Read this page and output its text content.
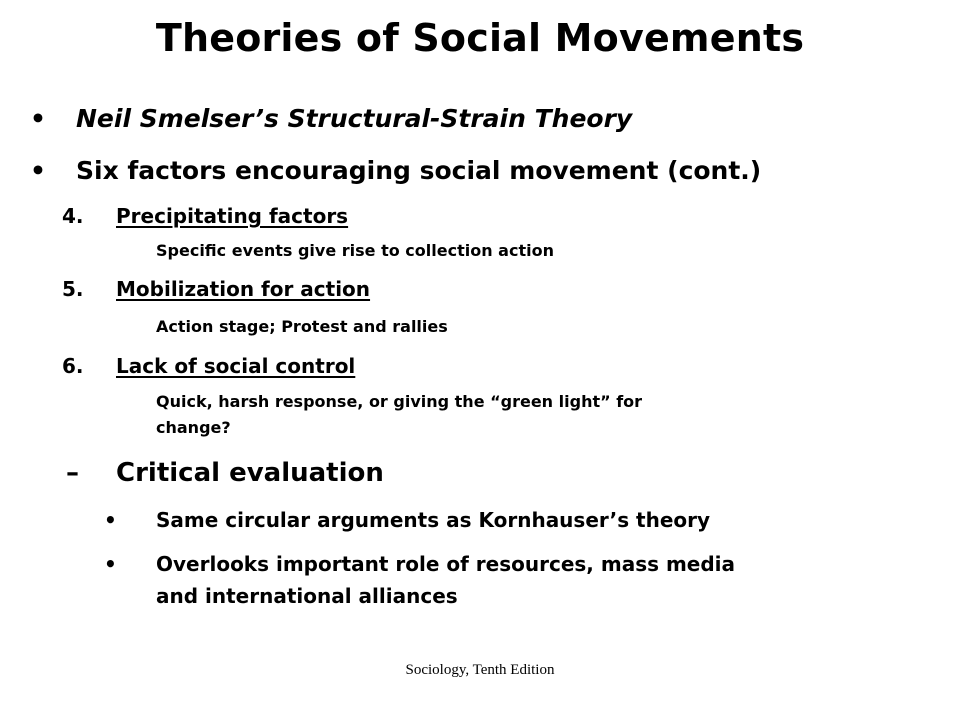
Theories of Social Movements
• Neil Smelser’s Structural-Strain Theory
• Six factors encouraging social movement (cont.)
4. Precipitating factors
Specific events give rise to collection action
5. Mobilization for action
Action stage; Protest and rallies
6. Lack of social control
Quick, harsh response, or giving the “green light” for
change?
– Critical evaluation
• Same circular arguments as Kornhauser’s theory
• Overlooks important role of resources, mass media
and international alliances
Sociology, Tenth Edition
